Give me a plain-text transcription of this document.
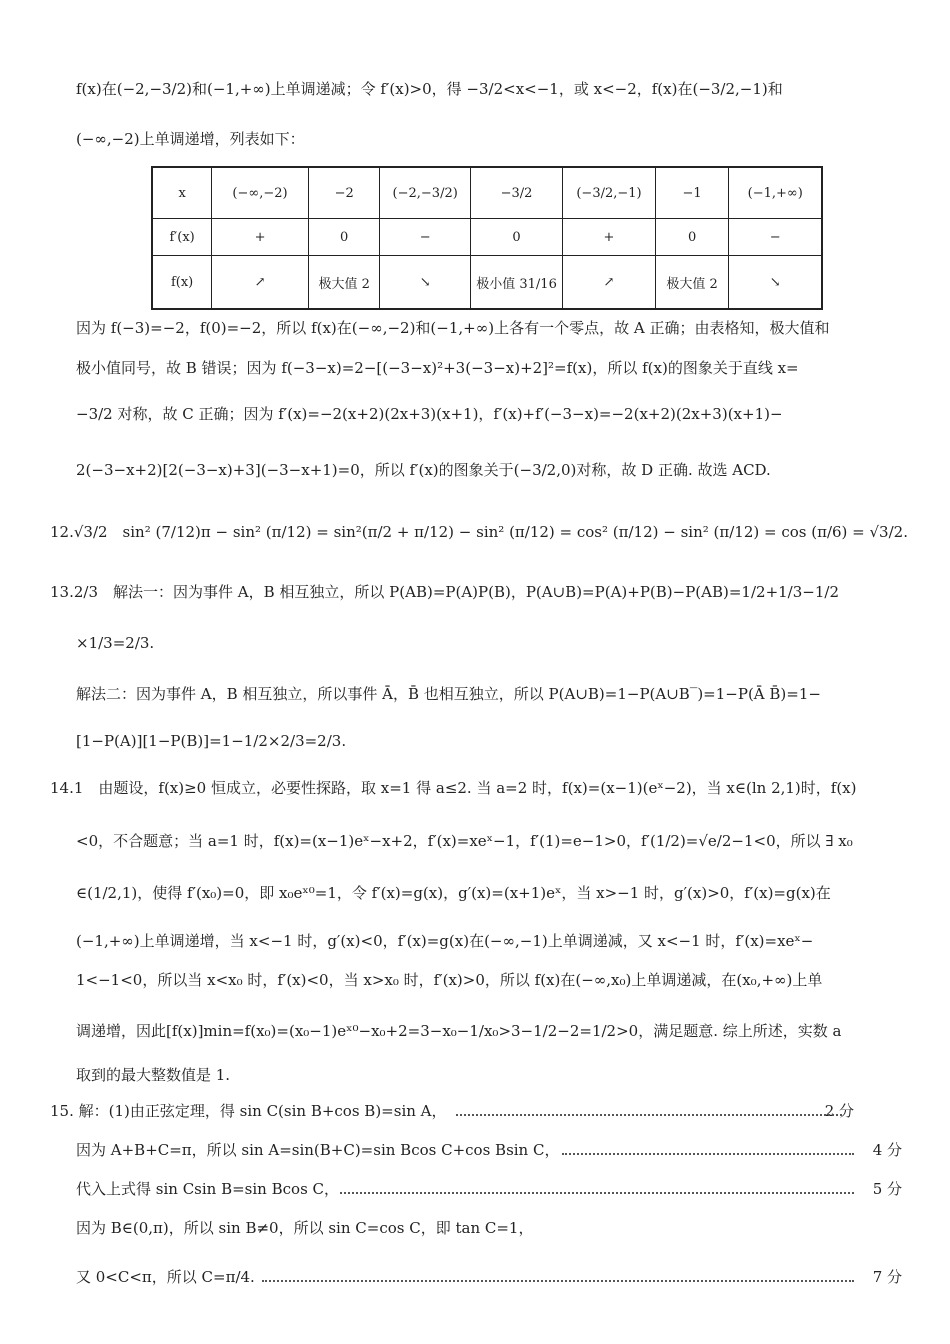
f(x)在(−2,−3/2)和(−1,+∞)上单调递减；令 f′(x)>0，得 −3/2<x<−1，或 x<−2，f(x)在(−3/2,−1)和
(−∞,−2)上单调递增，列表如下：
x	(−∞,−2)	−2	(−2,−3/2)	−3/2	(−3/2,−1)	−1	(−1,+∞)
f′(x)	+	0	−	0	+	0	−
f(x)	↗	极大值 2	↘	极小值 31/16	↗	极大值 2	↘
因为 f(−3)=−2，f(0)=−2，所以 f(x)在(−∞,−2)和(−1,+∞)上各有一个零点，故 A 正确；由表格知，极大值和
极小值同号，故 B 错误；因为 f(−3−x)=2−[(−3−x)²+3(−3−x)+2]²=f(x)，所以 f(x)的图象关于直线 x=
−3/2 对称，故 C 正确；因为 f′(x)=−2(x+2)(2x+3)(x+1)，f′(x)+f′(−3−x)=−2(x+2)(2x+3)(x+1)−
2(−3−x+2)[2(−3−x)+3](−3−x+1)=0，所以 f′(x)的图象关于(−3/2,0)对称，故 D 正确. 故选 ACD.
12.√3/2　sin² (7/12)π − sin² (π/12) = sin²(π/2 + π/12) − sin² (π/12) = cos² (π/12) − sin² (π/12) = cos (π/6) = √3/2.
13.2/3　解法一：因为事件 A，B 相互独立，所以 P(AB)=P(A)P(B)，P(A∪B)=P(A)+P(B)−P(AB)=1/2+1/3−1/2
×1/3=2/3.
解法二：因为事件 A，B 相互独立，所以事件 Ā，B̄ 也相互独立，所以 P(A∪B)=1−P(A∪B‾)=1−P(Ā B̄)=1−
[1−P(A)][1−P(B)]=1−1/2×2/3=2/3.
14.1　由题设，f(x)≥0 恒成立，必要性探路，取 x=1 得 a≤2. 当 a=2 时，f(x)=(x−1)(eˣ−2)，当 x∈(ln 2,1)时，f(x)
<0，不合题意；当 a=1 时，f(x)=(x−1)eˣ−x+2，f′(x)=xeˣ−1，f′(1)=e−1>0，f′(1/2)=√e/2−1<0，所以 ∃ x₀
∈(1/2,1)，使得 f′(x₀)=0，即 x₀eˣ⁰=1，令 f′(x)=g(x)，g′(x)=(x+1)eˣ，当 x>−1 时，g′(x)>0，f′(x)=g(x)在
(−1,+∞)上单调递增，当 x<−1 时，g′(x)<0，f′(x)=g(x)在(−∞,−1)上单调递减，又 x<−1 时，f′(x)=xeˣ−
1<−1<0，所以当 x<x₀ 时，f′(x)<0，当 x>x₀ 时，f′(x)>0，所以 f(x)在(−∞,x₀)上单调递减，在(x₀,+∞)上单
调递增，因此[f(x)]min=f(x₀)=(x₀−1)eˣ⁰−x₀+2=3−x₀−1/x₀>3−1/2−2=1/2>0，满足题意. 综上所述，实数 a
取到的最大整数值是 1.
15. 解：(1)由正弦定理，得 sin C(sin B+cos B)=sin A，	2 分
因为 A+B+C=π，所以 sin A=sin(B+C)=sin Bcos C+cos Bsin C，	4 分
代入上式得 sin Csin B=sin Bcos C，	5 分
因为 B∈(0,π)，所以 sin B≠0，所以 sin C=cos C，即 tan C=1，
又 0<C<π，所以 C=π/4.	7 分
